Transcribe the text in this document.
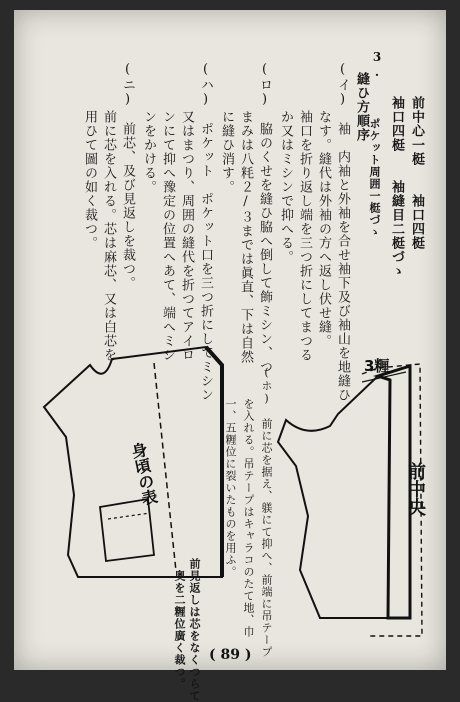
3.
前中心一梃　　袖口四梃
袖口四梃　　袖縫目二梃づゝ
ポケット周囲一梃づゝ
縫ひ方順序
(イ)　袖　内袖と外袖を合せ袖下及び袖山を地縫ひ
なす。縫代は外袖の方へ返し伏せ縫。
袖口を折り返し端を三つ折にしてまつる
か又はミシンで抑へる。
(ロ)　脇のくせを縫ひ脇へ倒して飾ミシン、つ
まみは八粍２/３までは眞直、下は自然
に縫ひ消す。
(ハ)　ポケット　ポケット口を三つ折にしてミシン
又はまつり、周囲の縫代を折つてアイロ
ンにて抑へ豫定の位置へあて、端へミシ
ンをかける。
(ニ)　前芯、及び見返しを裁つ。
前に芯を入れる。芯は麻芯、又は白芯を
用ひて圖の如く裁つ。
(ホ)　前に芯を据え、躾にて抑へ、前端に吊テープ
を入れる。吊テープはキャラコのたて地、巾
一、五糎位に裂いたものを用ふ。
身頃の表
前見返しは芯をなくつらて
奥を二糎位廣く裁つ。
3糎
前中央
( 89 )
